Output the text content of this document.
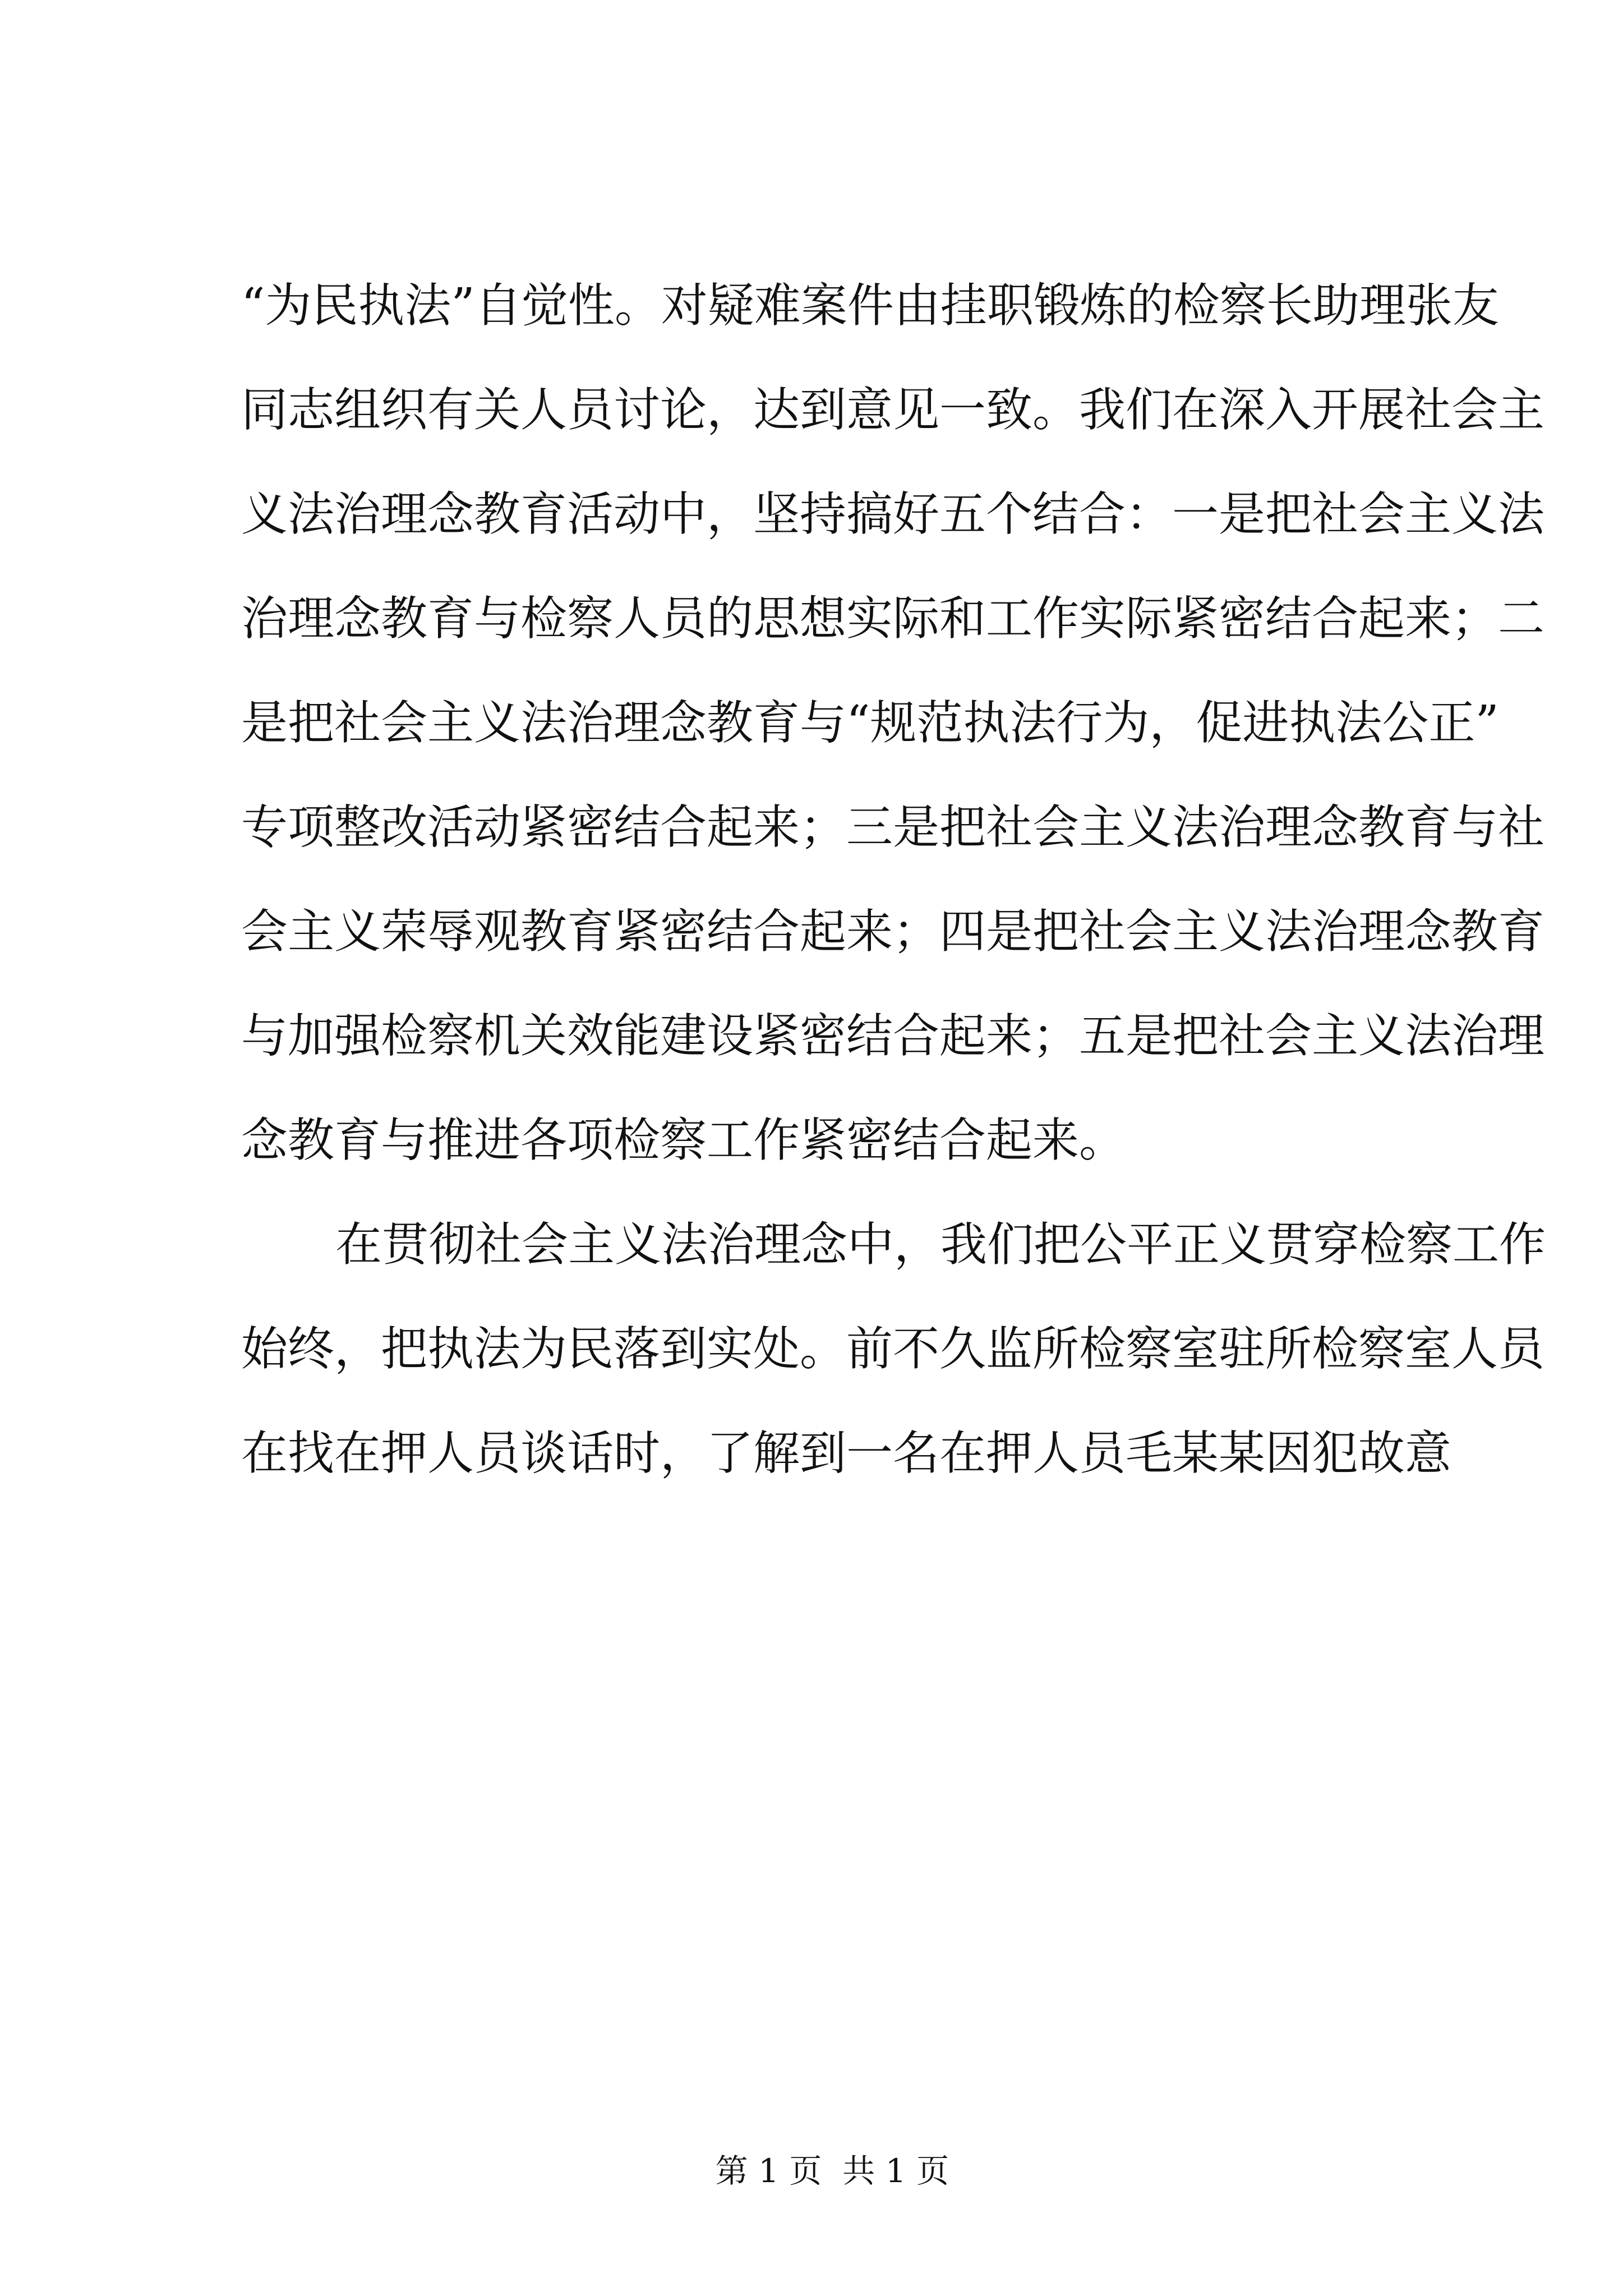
“为民执法”自觉性。对疑难案件由挂职锻炼的检察长助理张友
同志组织有关人员讨论，达到意见一致。我们在深入开展社会主
义法治理念教育活动中，坚持搞好五个结合：一是把社会主义法
治理念教育与检察人员的思想实际和工作实际紧密结合起来；二
是把社会主义法治理念教育与“规范执法行为，促进执法公正”
专项整改活动紧密结合起来；三是把社会主义法治理念教育与社
会主义荣辱观教育紧密结合起来；四是把社会主义法治理念教育
与加强检察机关效能建设紧密结合起来；五是把社会主义法治理
念教育与推进各项检察工作紧密结合起来。
在贯彻社会主义法治理念中，我们把公平正义贯穿检察工作
始终，把执法为民落到实处。前不久监所检察室驻所检察室人员
在找在押人员谈话时，了解到一名在押人员毛某某因犯故意

第 1 页  共 1 页
